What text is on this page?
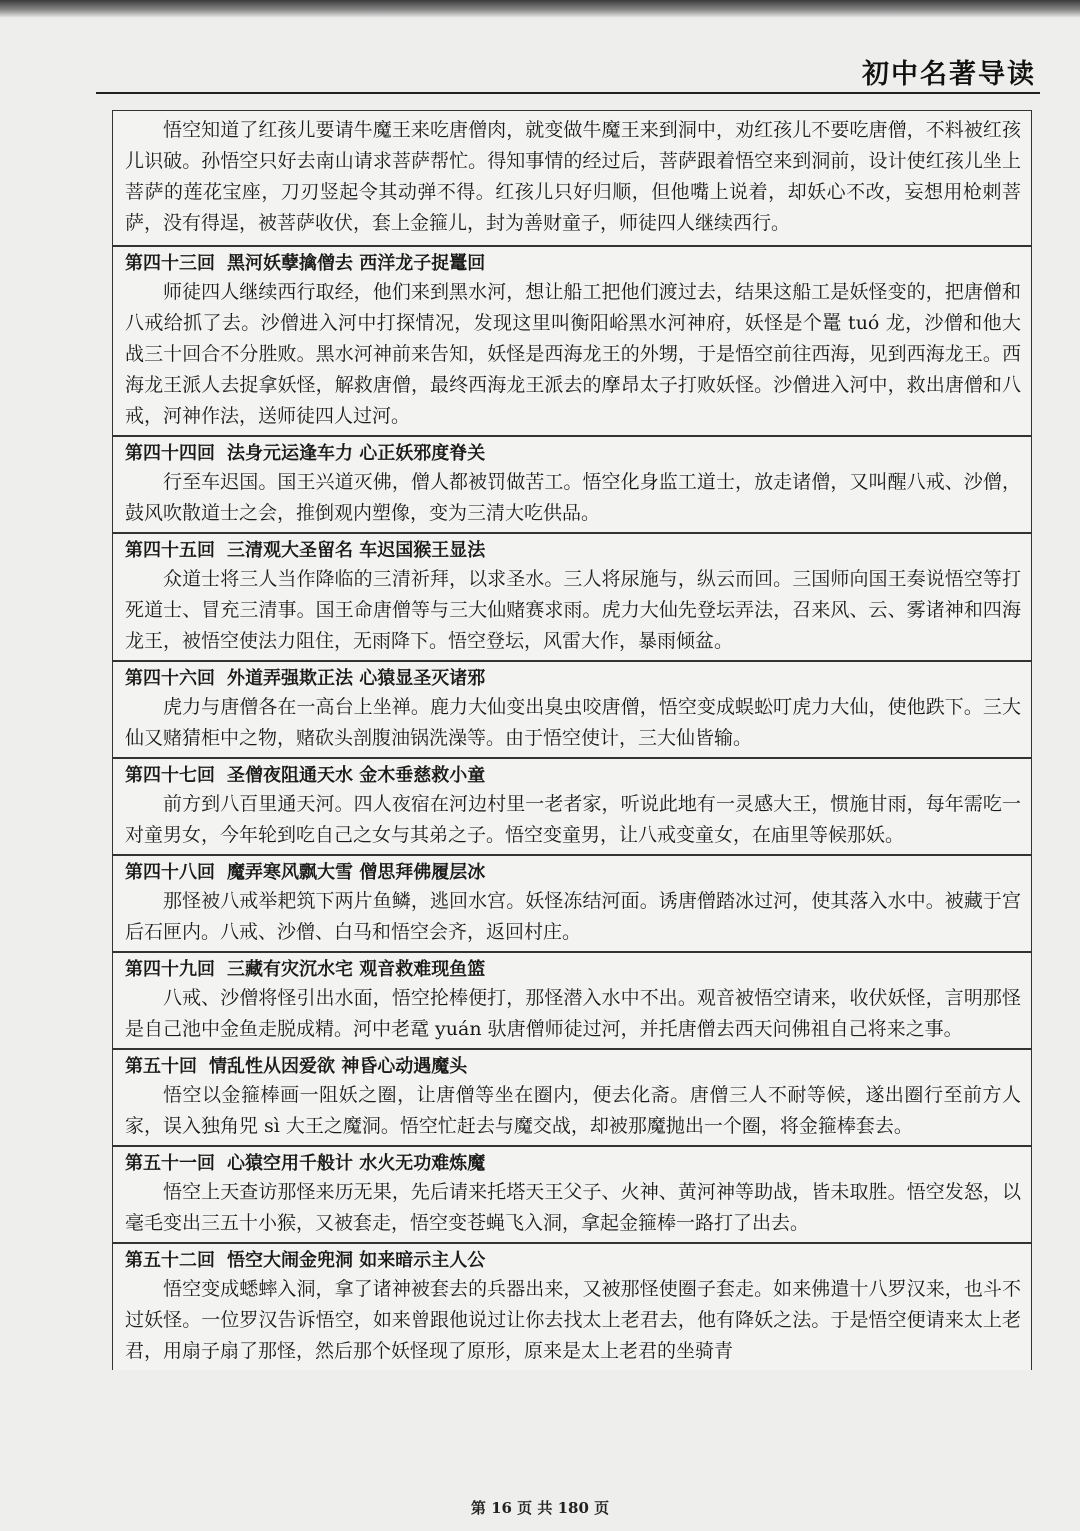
初中名著导读

悟空知道了红孩儿要请牛魔王来吃唐僧肉，就变做牛魔王来到洞中，劝红孩儿不要吃唐僧，不料被红孩儿识破。孙悟空只好去南山请求菩萨帮忙。得知事情的经过后，菩萨跟着悟空来到洞前，设计使红孩儿坐上菩萨的莲花宝座，刀刃竖起令其动弹不得。红孩儿只好归顺，但他嘴上说着，却妖心不改，妄想用枪刺菩萨，没有得逞，被菩萨收伏，套上金箍儿，封为善财童子，师徒四人继续西行。

第四十三回 黑河妖孽擒僧去 西洋龙子捉鼍回

师徒四人继续西行取经，他们来到黑水河，想让船工把他们渡过去，结果这船工是妖怪变的，把唐僧和八戒给抓了去。沙僧进入河中打探情况，发现这里叫衡阳峪黑水河神府，妖怪是个鼍 tuó 龙，沙僧和他大战三十回合不分胜败。黑水河神前来告知，妖怪是西海龙王的外甥，于是悟空前往西海，见到西海龙王。西海龙王派人去捉拿妖怪，解救唐僧，最终西海龙王派去的摩昂太子打败妖怪。沙僧进入河中，救出唐僧和八戒，河神作法，送师徒四人过河。

第四十四回 法身元运逢车力 心正妖邪度脊关

行至车迟国。国王兴道灭佛，僧人都被罚做苦工。悟空化身监工道士，放走诸僧，又叫醒八戒、沙僧，鼓风吹散道士之会，推倒观内塑像，变为三清大吃供品。

第四十五回 三清观大圣留名 车迟国猴王显法

众道士将三人当作降临的三清祈拜，以求圣水。三人将尿施与，纵云而回。三国师向国王奏说悟空等打死道士、冒充三清事。国王命唐僧等与三大仙赌赛求雨。虎力大仙先登坛弄法，召来风、云、雾诸神和四海龙王，被悟空使法力阻住，无雨降下。悟空登坛，风雷大作，暴雨倾盆。

第四十六回 外道弄强欺正法 心猿显圣灭诸邪

虎力与唐僧各在一高台上坐禅。鹿力大仙变出臭虫咬唐僧，悟空变成蜈蚣叮虎力大仙，使他跌下。三大仙又赌猜柜中之物，赌砍头剖腹油锅洗澡等。由于悟空使计，三大仙皆输。

第四十七回 圣僧夜阻通天水 金木垂慈救小童

前方到八百里通天河。四人夜宿在河边村里一老者家，听说此地有一灵感大王，惯施甘雨，每年需吃一对童男女，今年轮到吃自己之女与其弟之子。悟空变童男，让八戒变童女，在庙里等候那妖。

第四十八回 魔弄寒风飘大雪 僧思拜佛履层冰

那怪被八戒举耙筑下两片鱼鳞，逃回水宫。妖怪冻结河面。诱唐僧踏冰过河，使其落入水中。被藏于宫后石匣内。八戒、沙僧、白马和悟空会齐，返回村庄。

第四十九回 三藏有灾沉水宅 观音救难现鱼篮

八戒、沙僧将怪引出水面，悟空抡棒便打，那怪潜入水中不出。观音被悟空请来，收伏妖怪，言明那怪是自己池中金鱼走脱成精。河中老鼋 yuán 驮唐僧师徒过河，并托唐僧去西天问佛祖自己将来之事。

第五十回 情乱性从因爱欲 神昏心动遇魔头

悟空以金箍棒画一阻妖之圈，让唐僧等坐在圈内，便去化斋。唐僧三人不耐等候，遂出圈行至前方人家，误入独角兕 sì 大王之魔洞。悟空忙赶去与魔交战，却被那魔抛出一个圈，将金箍棒套去。

第五十一回 心猿空用千般计 水火无功难炼魔

悟空上天查访那怪来历无果，先后请来托塔天王父子、火神、黄河神等助战，皆未取胜。悟空发怒，以毫毛变出三五十小猴，又被套走，悟空变苍蝇飞入洞，拿起金箍棒一路打了出去。

第五十二回 悟空大闹金兜洞 如来暗示主人公

悟空变成蟋蟀入洞，拿了诸神被套去的兵器出来，又被那怪使圈子套走。如来佛遣十八罗汉来，也斗不过妖怪。一位罗汉告诉悟空，如来曾跟他说过让你去找太上老君去，他有降妖之法。于是悟空便请来太上老君，用扇子扇了那怪，然后那个妖怪现了原形，原来是太上老君的坐骑青

第 16 页 共 180 页
